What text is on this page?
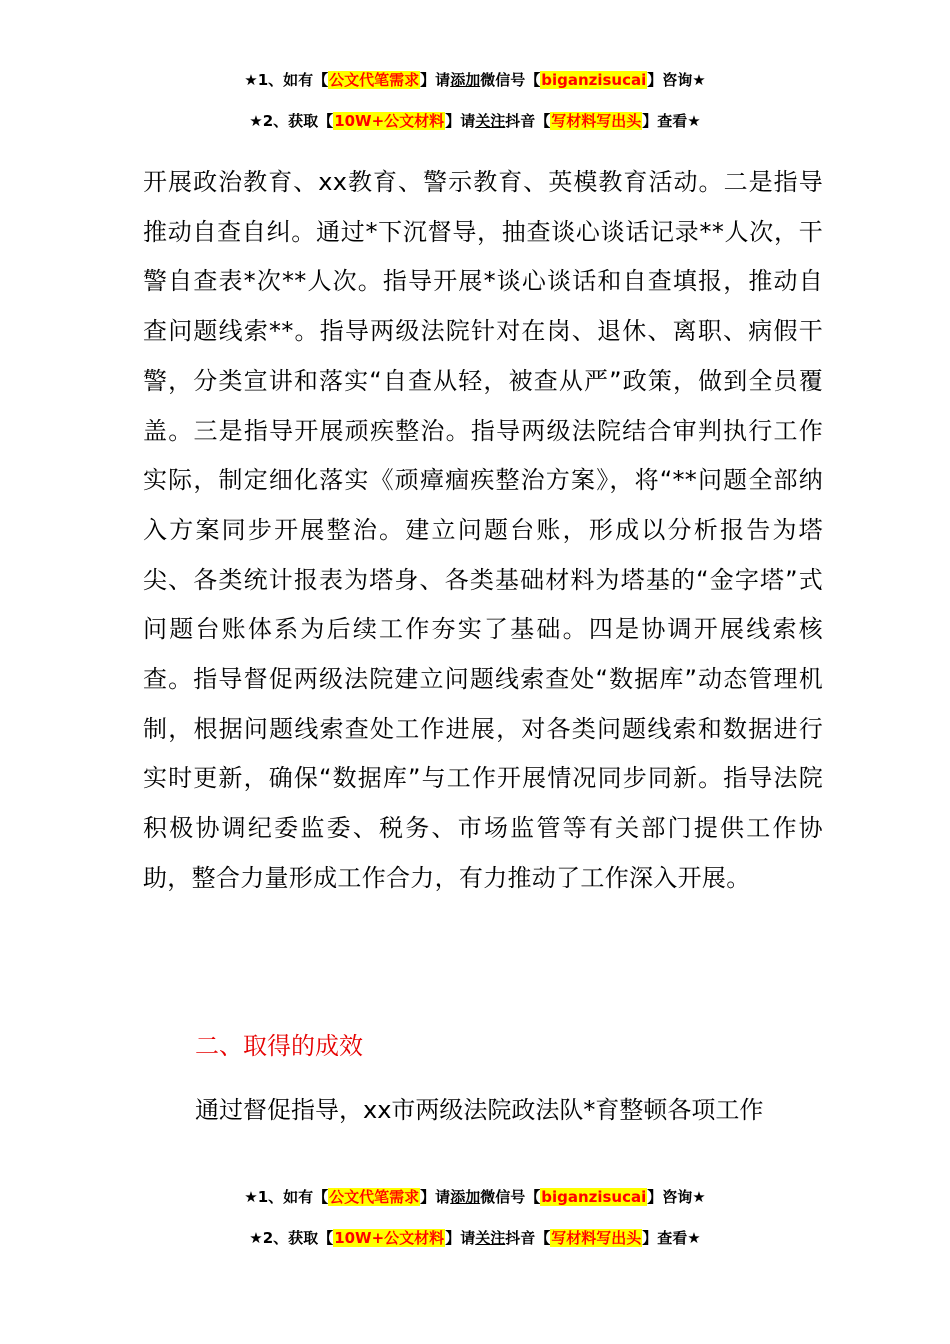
★1、如有【公文代笔需求】请添加微信号【biganzisucai】咨询★
★2、获取【10W+公文材料】请关注抖音【写材料写出头】查看★

开展政治教育、xx教育、警示教育、英模教育活动。二是指导推动自查自纠。通过*下沉督导，抽查谈心谈话记录**人次，干警自查表*次**人次。指导开展*谈心谈话和自查填报，推动自查问题线索**。指导两级法院针对在岗、退休、离职、病假干警，分类宣讲和落实“自查从轻，被查从严”政策，做到全员覆盖。三是指导开展顽疾整治。指导两级法院结合审判执行工作实际，制定细化落实《顽瘴痼疾整治方案》，将“**问题全部纳入方案同步开展整治。建立问题台账，形成以分析报告为塔尖、各类统计报表为塔身、各类基础材料为塔基的“金字塔”式问题台账体系为后续工作夯实了基础。四是协调开展线索核查。指导督促两级法院建立问题线索查处“数据库”动态管理机制，根据问题线索查处工作进展，对各类问题线索和数据进行实时更新，确保“数据库”与工作开展情况同步同新。指导法院积极协调纪委监委、税务、市场监管等有关部门提供工作协助，整合力量形成工作合力，有力推动了工作深入开展。

二、取得的成效

通过督促指导，xx市两级法院政法队*育整顿各项工作

★1、如有【公文代笔需求】请添加微信号【biganzisucai】咨询★
★2、获取【10W+公文材料】请关注抖音【写材料写出头】查看★
